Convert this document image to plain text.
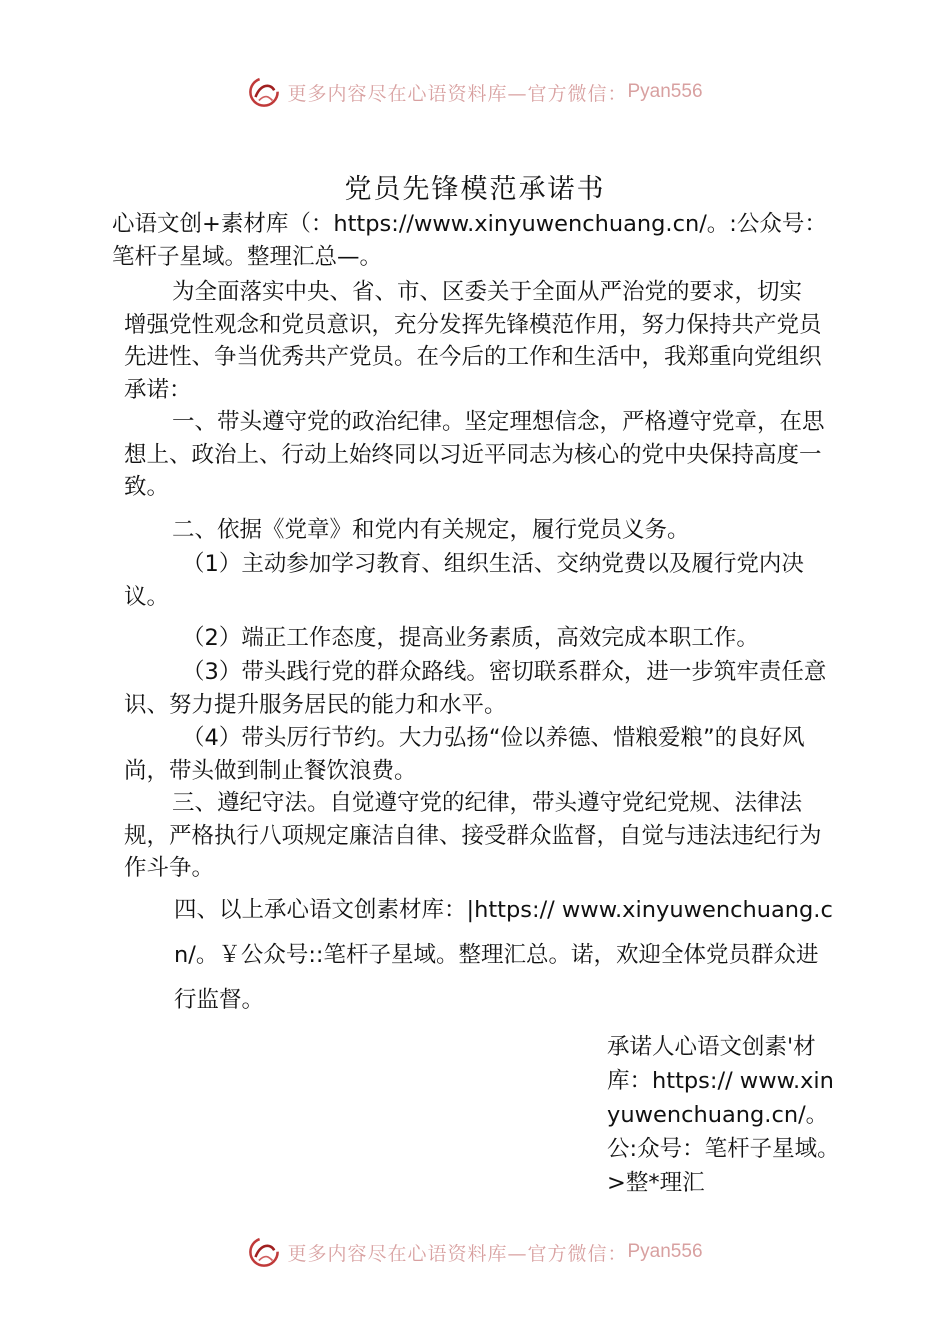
更多内容尽在心语资料库—官方微信： Pyan556
党员先锋模范承诺书

心语文创+素材库（：https://www.xinyuwenchuang.cn/。:公众号：笔杆子星域。整理汇总—。

为全面落实中央、省、市、区委关于全面从严治党的要求，切实增强党性观念和党员意识，充分发挥先锋模范作用，努力保持共产党员先进性、争当优秀共产党员。在今后的工作和生活中，我郑重向党组织承诺：

一、带头遵守党的政治纪律。坚定理想信念，严格遵守党章，在思想上、政治上、行动上始终同以习近平同志为核心的党中央保持高度一致。

二、依据《党章》和党内有关规定，履行党员义务。

（1）主动参加学习教育、组织生活、交纳党费以及履行党内决议。

（2）端正工作态度，提高业务素质，高效完成本职工作。

（3）带头践行党的群众路线。密切联系群众，进一步筑牢责任意识、努力提升服务居民的能力和水平。

（4）带头厉行节约。大力弘扬“俭以养德、惜粮爱粮”的良好风尚，带头做到制止餐饮浪费。

三、遵纪守法。自觉遵守党的纪律，带头遵守党纪党规、法律法规，严格执行八项规定廉洁自律、接受群众监督，自觉与违法违纪行为作斗争。

四、以上承心语文创素材库：|https:// www.xinyuwenchuang.cn/。￥公众号::笔杆子星域。整理汇总。诺，欢迎全体党员群众进行监督。

承诺人心语文创素'材库：https:// www.xinyuwenchuang.cn/。公:众号：笔杆子星域。>整*理汇

更多内容尽在心语资料库—官方微信： Pyan556
